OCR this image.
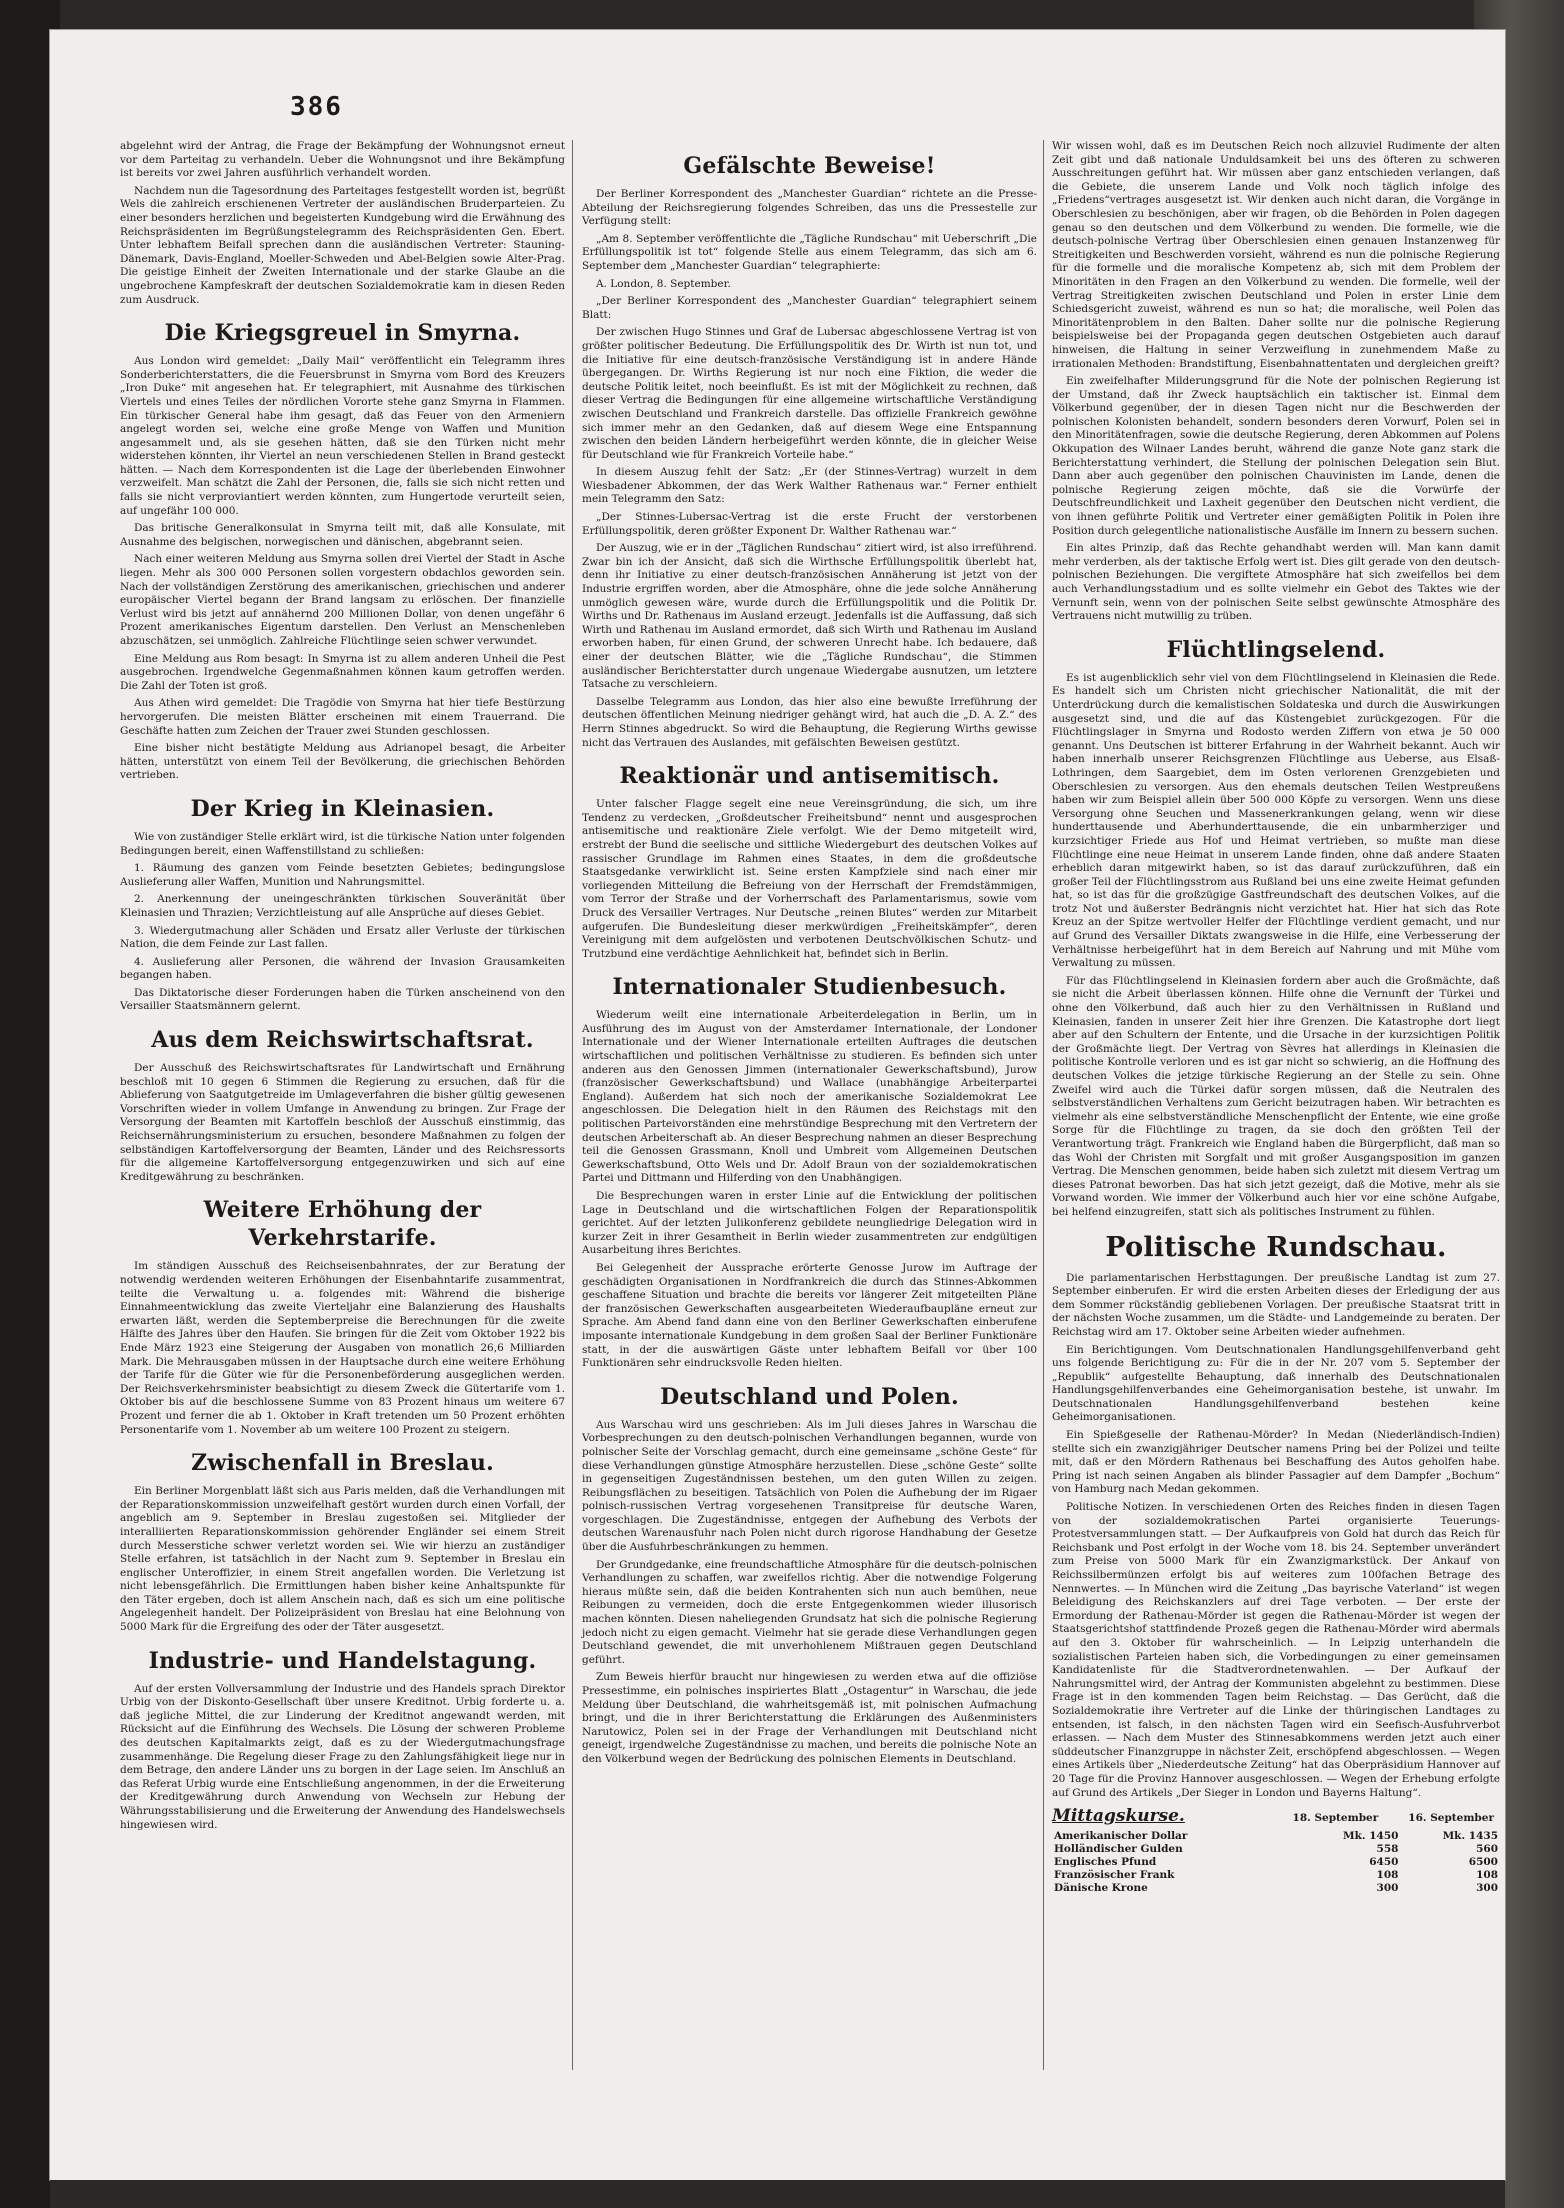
386

abgelehnt wird der Antrag, die Frage der Bekämpfung der Wohnungsnot erneut vor dem Parteitag zu verhandeln. Ueber die Wohnungsnot und ihre Bekämpfung ist bereits vor zwei Jahren ausführlich verhandelt worden.

Nachdem nun die Tagesordnung des Parteitages festgestellt worden ist, begrüßt Wels die zahlreich erschienenen Vertreter der ausländischen Bruderparteien. Zu einer besonders herzlichen und begeisterten Kundgebung wird die Erwähnung des Reichspräsidenten im Begrüßungstelegramm des Reichspräsidenten Gen. Ebert. Unter lebhaftem Beifall sprechen dann die ausländischen Vertreter: Stauning-Dänemark, Davis-England, Moeller-Schweden und Abel-Belgien sowie Alter-Prag. Die geistige Einheit der Zweiten Internationale und der starke Glaube an die ungebrochene Kampfeskraft der deutschen Sozialdemokratie kam in diesen Reden zum Ausdruck.

Die Kriegsgreuel in Smyrna.

Aus London wird gemeldet: „Daily Mail“ veröffentlicht ein Telegramm ihres Sonderberichterstatters, die die Feuersbrunst in Smyrna vom Bord des Kreuzers „Iron Duke“ mit angesehen hat. Er telegraphiert, mit Ausnahme des türkischen Viertels und eines Teiles der nördlichen Vororte stehe ganz Smyrna in Flammen. Ein türkischer General habe ihm gesagt, daß das Feuer von den Armeniern angelegt worden sei, welche eine große Menge von Waffen und Munition angesammelt und, als sie gesehen hätten, daß sie den Türken nicht mehr widerstehen könnten, ihr Viertel an neun verschiedenen Stellen in Brand gesteckt hätten. — Nach dem Korrespondenten ist die Lage der überlebenden Einwohner verzweifelt. Man schätzt die Zahl der Personen, die, falls sie sich nicht retten und falls sie nicht verproviantiert werden könnten, zum Hungertode verurteilt seien, auf ungefähr 100 000.

Das britische Generalkonsulat in Smyrna teilt mit, daß alle Konsulate, mit Ausnahme des belgischen, norwegischen und dänischen, abgebrannt seien.

Nach einer weiteren Meldung aus Smyrna sollen drei Viertel der Stadt in Asche liegen. Mehr als 300 000 Personen sollen vorgestern obdachlos geworden sein. Nach der vollständigen Zerstörung des amerikanischen, griechischen und anderer europäischer Viertel begann der Brand langsam zu erlöschen. Der finanzielle Verlust wird bis jetzt auf annähernd 200 Millionen Dollar, von denen ungefähr 6 Prozent amerikanisches Eigentum darstellen. Den Verlust an Menschenleben abzuschätzen, sei unmöglich. Zahlreiche Flüchtlinge seien schwer verwundet.

Eine Meldung aus Rom besagt: In Smyrna ist zu allem anderen Unheil die Pest ausgebrochen. Irgendwelche Gegenmaßnahmen können kaum getroffen werden. Die Zahl der Toten ist groß.

Aus Athen wird gemeldet: Die Tragödie von Smyrna hat hier tiefe Bestürzung hervorgerufen. Die meisten Blätter erscheinen mit einem Trauerrand. Die Geschäfte hatten zum Zeichen der Trauer zwei Stunden geschlossen.

Eine bisher nicht bestätigte Meldung aus Adrianopel besagt, die Arbeiter hätten, unterstützt von einem Teil der Bevölkerung, die griechischen Behörden vertrieben.

Der Krieg in Kleinasien.

Wie von zuständiger Stelle erklärt wird, ist die türkische Nation unter folgenden Bedingungen bereit, einen Waffenstillstand zu schließen:

1. Räumung des ganzen vom Feinde besetzten Gebietes; bedingungslose Auslieferung aller Waffen, Munition und Nahrungsmittel.

2. Anerkennung der uneingeschränkten türkischen Souveränität über Kleinasien und Thrazien; Verzichtleistung auf alle Ansprüche auf dieses Gebiet.

3. Wiedergutmachung aller Schäden und Ersatz aller Verluste der türkischen Nation, die dem Feinde zur Last fallen.

4. Auslieferung aller Personen, die während der Invasion Grausamkeiten begangen haben.

Das Diktatorische dieser Forderungen haben die Türken anscheinend von den Versailler Staatsmännern gelernt.

Aus dem Reichswirtschaftsrat.

Der Ausschuß des Reichswirtschaftsrates für Landwirtschaft und Ernährung beschloß mit 10 gegen 6 Stimmen die Regierung zu ersuchen, daß für die Ablieferung von Saatgutgetreide im Umlageverfahren die bisher gültig gewesenen Vorschriften wieder in vollem Umfange in Anwendung zu bringen. Zur Frage der Versorgung der Beamten mit Kartoffeln beschloß der Ausschuß einstimmig, das Reichsernährungsministerium zu ersuchen, besondere Maßnahmen zu folgen der selbständigen Kartoffelversorgung der Beamten, Länder und des Reichsressorts für die allgemeine Kartoffelversorgung entgegenzuwirken und sich auf eine Kreditgewährung zu beschränken.

Weitere Erhöhung der Verkehrstarife.

Im ständigen Ausschuß des Reichseisenbahnrates, der zur Beratung der notwendig werdenden weiteren Erhöhungen der Eisenbahntarife zusammentrat, teilte die Verwaltung u. a. folgendes mit: Während die bisherige Einnahmeentwicklung das zweite Vierteljahr eine Balanzierung des Haushalts erwarten läßt, werden die Septemberpreise die Berechnungen für die zweite Hälfte des Jahres über den Haufen. Sie bringen für die Zeit vom Oktober 1922 bis Ende März 1923 eine Steigerung der Ausgaben von monatlich 26,6 Milliarden Mark. Die Mehrausgaben müssen in der Hauptsache durch eine weitere Erhöhung der Tarife für die Güter wie für die Personenbeförderung ausgeglichen werden. Der Reichsverkehrsminister beabsichtigt zu diesem Zweck die Gütertarife vom 1. Oktober bis auf die beschlossene Summe von 83 Prozent hinaus um weitere 67 Prozent und ferner die ab 1. Oktober in Kraft tretenden um 50 Prozent erhöhten Personentarife vom 1. November ab um weitere 100 Prozent zu steigern.

Zwischenfall in Breslau.

Ein Berliner Morgenblatt läßt sich aus Paris melden, daß die Verhandlungen mit der Reparationskommission unzweifelhaft gestört wurden durch einen Vorfall, der angeblich am 9. September in Breslau zugestoßen sei. Mitglieder der interalliierten Reparationskommission gehörender Engländer sei einem Streit durch Messerstiche schwer verletzt worden sei. Wie wir hierzu an zuständiger Stelle erfahren, ist tatsächlich in der Nacht zum 9. September in Breslau ein englischer Unteroffizier, in einem Streit angefallen worden. Die Verletzung ist nicht lebensgefährlich. Die Ermittlungen haben bisher keine Anhaltspunkte für den Täter ergeben, doch ist allem Anschein nach, daß es sich um eine politische Angelegenheit handelt. Der Polizeipräsident von Breslau hat eine Belohnung von 5000 Mark für die Ergreifung des oder der Täter ausgesetzt.

Industrie- und Handelstagung.

Auf der ersten Vollversammlung der Industrie und des Handels sprach Direktor Urbig von der Diskonto-Gesellschaft über unsere Kreditnot. Urbig forderte u. a. daß jegliche Mittel, die zur Linderung der Kreditnot angewandt werden, mit Rücksicht auf die Einführung des Wechsels. Die Lösung der schweren Probleme des deutschen Kapitalmarkts zeigt, daß es zu der Wiedergutmachungsfrage zusammenhänge. Die Regelung dieser Frage zu den Zahlungsfähigkeit liege nur in dem Betrage, den andere Länder uns zu borgen in der Lage seien. Im Anschluß an das Referat Urbig wurde eine Entschließung angenommen, in der die Erweiterung der Kreditgewährung durch Anwendung von Wechseln zur Hebung der Währungsstabilisierung und die Erweiterung der Anwendung des Handelswechsels hingewiesen wird.

Gefälschte Beweise!

Der Berliner Korrespondent des „Manchester Guardian“ richtete an die Presse-Abteilung der Reichsregierung folgendes Schreiben, das uns die Pressestelle zur Verfügung stellt:

„Am 8. September veröffentlichte die „Tägliche Rundschau“ mit Ueberschrift „Die Erfüllungspolitik ist tot“ folgende Stelle aus einem Telegramm, das sich am 6. September dem „Manchester Guardian“ telegraphierte:

A. London, 8. September.

„Der Berliner Korrespondent des „Manchester Guardian“ telegraphiert seinem Blatt:

Der zwischen Hugo Stinnes und Graf de Lubersac abgeschlossene Vertrag ist von größter politischer Bedeutung. Die Erfüllungspolitik des Dr. Wirth ist nun tot, und die Initiative für eine deutsch-französische Verständigung ist in andere Hände übergegangen. Dr. Wirths Regierung ist nur noch eine Fiktion, die weder die deutsche Politik leitet, noch beeinflußt. Es ist mit der Möglichkeit zu rechnen, daß dieser Vertrag die Bedingungen für eine allgemeine wirtschaftliche Verständigung zwischen Deutschland und Frankreich darstelle. Das offizielle Frankreich gewöhne sich immer mehr an den Gedanken, daß auf diesem Wege eine Entspannung zwischen den beiden Ländern herbeigeführt werden könnte, die in gleicher Weise für Deutschland wie für Frankreich Vorteile habe.“

In diesem Auszug fehlt der Satz: „Er (der Stinnes-Vertrag) wurzelt in dem Wiesbadener Abkommen, der das Werk Walther Rathenaus war.“ Ferner enthielt mein Telegramm den Satz:

„Der Stinnes-Lubersac-Vertrag ist die erste Frucht der verstorbenen Erfüllungspolitik, deren größter Exponent Dr. Walther Rathenau war.“

Der Auszug, wie er in der „Täglichen Rundschau“ zitiert wird, ist also irreführend. Zwar bin ich der Ansicht, daß sich die Wirthsche Erfüllungspolitik überlebt hat, denn ihr Initiative zu einer deutsch-französischen Annäherung ist jetzt von der Industrie ergriffen worden, aber die Atmosphäre, ohne die jede solche Annäherung unmöglich gewesen wäre, wurde durch die Erfüllungspolitik und die Politik Dr. Wirths und Dr. Rathenaus im Ausland erzeugt. Jedenfalls ist die Auffassung, daß sich Wirth und Rathenau im Ausland ermordet, daß sich Wirth und Rathenau im Ausland erworben haben, für einen Grund, der schweren Unrecht habe. Ich bedauere, daß einer der deutschen Blätter, wie die „Tägliche Rundschau“, die Stimmen ausländischer Berichterstatter durch ungenaue Wiedergabe ausnutzen, um letztere Tatsache zu verschleiern.

Dasselbe Telegramm aus London, das hier also eine bewußte Irreführung der deutschen öffentlichen Meinung niedriger gehängt wird, hat auch die „D. A. Z.“ des Herrn Stinnes abgedruckt. So wird die Behauptung, die Regierung Wirths gewisse nicht das Vertrauen des Auslandes, mit gefälschten Beweisen gestützt.

Reaktionär und antisemitisch.

Unter falscher Flagge segelt eine neue Vereinsgründung, die sich, um ihre Tendenz zu verdecken, „Großdeutscher Freiheitsbund“ nennt und ausgesprochen antisemitische und reaktionäre Ziele verfolgt. Wie der Demo mitgeteilt wird, erstrebt der Bund die seelische und sittliche Wiedergeburt des deutschen Volkes auf rassischer Grundlage im Rahmen eines Staates, in dem die großdeutsche Staatsgedanke verwirklicht ist. Seine ersten Kampfziele sind nach einer mir vorliegenden Mitteilung die Befreiung von der Herrschaft der Fremdstämmigen, vom Terror der Straße und der Vorherrschaft des Parlamentarismus, sowie vom Druck des Versailler Vertrages. Nur Deutsche „reinen Blutes“ werden zur Mitarbeit aufgerufen. Die Bundesleitung dieser merkwürdigen „Freiheitskämpfer“, deren Vereinigung mit dem aufgelösten und verbotenen Deutschvölkischen Schutz- und Trutzbund eine verdächtige Aehnlichkeit hat, befindet sich in Berlin.

Internationaler Studienbesuch.

Wiederum weilt eine internationale Arbeiterdelegation in Berlin, um in Ausführung des im August von der Amsterdamer Internationale, der Londoner Internationale und der Wiener Internationale erteilten Auftrages die deutschen wirtschaftlichen und politischen Verhältnisse zu studieren. Es befinden sich unter anderen aus den Genossen Jimmen (internationaler Gewerkschaftsbund), Jurow (französischer Gewerkschaftsbund) und Wallace (unabhängige Arbeiterpartei England). Außerdem hat sich noch der amerikanische Sozialdemokrat Lee angeschlossen. Die Delegation hielt in den Räumen des Reichstags mit den politischen Parteivorständen eine mehrstündige Besprechung mit den Vertretern der deutschen Arbeiterschaft ab. An dieser Besprechung nahmen an dieser Besprechung teil die Genossen Grassmann, Knoll und Umbreit vom Allgemeinen Deutschen Gewerkschaftsbund, Otto Wels und Dr. Adolf Braun von der sozialdemokratischen Partei und Dittmann und Hilferding von den Unabhängigen.

Die Besprechungen waren in erster Linie auf die Entwicklung der politischen Lage in Deutschland und die wirtschaftlichen Folgen der Reparationspolitik gerichtet. Auf der letzten Julikonferenz gebildete neungliedrige Delegation wird in kurzer Zeit in ihrer Gesamtheit in Berlin wieder zusammentreten zur endgültigen Ausarbeitung ihres Berichtes.

Bei Gelegenheit der Aussprache erörterte Genosse Jurow im Auftrage der geschädigten Organisationen in Nordfrankreich die durch das Stinnes-Abkommen geschaffene Situation und brachte die bereits vor längerer Zeit mitgeteilten Pläne der französischen Gewerkschaften ausgearbeiteten Wiederaufbaupläne erneut zur Sprache. Am Abend fand dann eine von den Berliner Gewerkschaften einberufene imposante internationale Kundgebung in dem großen Saal der Berliner Funktionäre statt, in der die auswärtigen Gäste unter lebhaftem Beifall vor über 100 Funktionären sehr eindrucksvolle Reden hielten.

Deutschland und Polen.

Aus Warschau wird uns geschrieben: Als im Juli dieses Jahres in Warschau die Vorbesprechungen zu den deutsch-polnischen Verhandlungen begannen, wurde von polnischer Seite der Vorschlag gemacht, durch eine gemeinsame „schöne Geste“ für diese Verhandlungen günstige Atmosphäre herzustellen. Diese „schöne Geste“ sollte in gegenseitigen Zugeständnissen bestehen, um den guten Willen zu zeigen. Reibungsflächen zu beseitigen. Tatsächlich von Polen die Aufhebung der im Rigaer polnisch-russischen Vertrag vorgesehenen Transitpreise für deutsche Waren, vorgeschlagen. Die Zugeständnisse, entgegen der Aufhebung des Verbots der deutschen Warenausfuhr nach Polen nicht durch rigorose Handhabung der Gesetze über die Ausfuhrbeschränkungen zu hemmen.

Der Grundgedanke, eine freundschaftliche Atmosphäre für die deutsch-polnischen Verhandlungen zu schaffen, war zweifellos richtig. Aber die notwendige Folgerung hieraus müßte sein, daß die beiden Kontrahenten sich nun auch bemühen, neue Reibungen zu vermeiden, doch die erste Entgegenkommen wieder illusorisch machen könnten. Diesen naheliegenden Grundsatz hat sich die polnische Regierung jedoch nicht zu eigen gemacht. Vielmehr hat sie gerade diese Verhandlungen gegen Deutschland gewendet, die mit unverhohlenem Mißtrauen gegen Deutschland geführt.

Zum Beweis hierfür braucht nur hingewiesen zu werden etwa auf die offiziöse Pressestimme, ein polnisches inspiriertes Blatt „Ostagentur“ in Warschau, die jede Meldung über Deutschland, die wahrheitsgemäß ist, mit polnischen Aufmachung bringt, und die in ihrer Berichterstattung die Erklärungen des Außenministers Narutowicz, Polen sei in der Frage der Verhandlungen mit Deutschland nicht geneigt, irgendwelche Zugeständnisse zu machen, und bereits die polnische Note an den Völkerbund wegen der Bedrückung des polnischen Elements in Deutschland.

Wir wissen wohl, daß es im Deutschen Reich noch allzuviel Rudimente der alten Zeit gibt und daß nationale Unduldsamkeit bei uns des öfteren zu schweren Ausschreitungen geführt hat. Wir müssen aber ganz entschieden verlangen, daß die Gebiete, die unserem Lande und Volk noch täglich infolge des „Friedens“vertrages ausgesetzt ist. Wir denken auch nicht daran, die Vorgänge in Oberschlesien zu beschönigen, aber wir fragen, ob die Behörden in Polen dagegen genau so den deutschen und dem Völkerbund zu wenden. Die formelle, wie die deutsch-polnische Vertrag über Oberschlesien einen genauen Instanzenweg für Streitigkeiten und Beschwerden vorsieht, während es nun die polnische Regierung für die formelle und die moralische Kompetenz ab, sich mit dem Problem der Minoritäten in den Fragen an den Völkerbund zu wenden. Die formelle, weil der Vertrag Streitigkeiten zwischen Deutschland und Polen in erster Linie dem Schiedsgericht zuweist, während es nun so hat; die moralische, weil Polen das Minoritätenproblem in den Balten. Daher sollte nur die polnische Regierung beispielsweise bei der Propaganda gegen deutschen Ostgebieten auch darauf hinweisen, die Haltung in seiner Verzweiflung in zunehmendem Maße zu irrationalen Methoden: Brandstiftung, Eisenbahnattentaten und dergleichen greift?

Ein zweifelhafter Milderungsgrund für die Note der polnischen Regierung ist der Umstand, daß ihr Zweck hauptsächlich ein taktischer ist. Einmal dem Völkerbund gegenüber, der in diesen Tagen nicht nur die Beschwerden der polnischen Kolonisten behandelt, sondern besonders deren Vorwurf, Polen sei in den Minoritätenfragen, sowie die deutsche Regierung, deren Abkommen auf Polens Okkupation des Wilnaer Landes beruht, während die ganze Note ganz stark die Berichterstattung verhindert, die Stellung der polnischen Delegation sein Blut. Dann aber auch gegenüber den polnischen Chauvinisten im Lande, denen die polnische Regierung zeigen möchte, daß sie die Vorwürfe der Deutschfreundlichkeit und Laxheit gegenüber den Deutschen nicht verdient, die von ihnen geführte Politik und Vertreter einer gemäßigten Politik in Polen ihre Position durch gelegentliche nationalistische Ausfälle im Innern zu bessern suchen.

Ein altes Prinzip, daß das Rechte gehandhabt werden will. Man kann damit mehr verderben, als der taktische Erfolg wert ist. Dies gilt gerade von den deutsch-polnischen Beziehungen. Die vergiftete Atmosphäre hat sich zweifellos bei dem auch Verhandlungsstadium und es sollte vielmehr ein Gebot des Taktes wie der Vernunft sein, wenn von der polnischen Seite selbst gewünschte Atmosphäre des Vertrauens nicht mutwillig zu trüben.

Flüchtlingselend.

Es ist augenblicklich sehr viel von dem Flüchtlingselend in Kleinasien die Rede. Es handelt sich um Christen nicht griechischer Nationalität, die mit der Unterdrückung durch die kemalistischen Soldateska und durch die Auswirkungen ausgesetzt sind, und die auf das Küstengebiet zurückgezogen. Für die Flüchtlingslager in Smyrna und Rodosto werden Ziffern von etwa je 50 000 genannt. Uns Deutschen ist bitterer Erfahrung in der Wahrheit bekannt. Auch wir haben innerhalb unserer Reichsgrenzen Flüchtlinge aus Ueberse, aus Elsaß-Lothringen, dem Saargebiet, dem im Osten verlorenen Grenzgebieten und Oberschlesien zu versorgen. Aus den ehemals deutschen Teilen Westpreußens haben wir zum Beispiel allein über 500 000 Köpfe zu versorgen. Wenn uns diese Versorgung ohne Seuchen und Massenerkrankungen gelang, wenn wir diese hunderttausende und Aberhunderttausende, die ein unbarmherziger und kurzsichtiger Friede aus Hof und Heimat vertrieben, so mußte man diese Flüchtlinge eine neue Heimat in unserem Lande finden, ohne daß andere Staaten erheblich daran mitgewirkt haben, so ist das darauf zurückzuführen, daß ein großer Teil der Flüchtlingsstrom aus Rußland bei uns eine zweite Heimat gefunden hat, so ist das für die großzügige Gastfreundschaft des deutschen Volkes, auf die trotz Not und äußerster Bedrängnis nicht verzichtet hat. Hier hat sich das Rote Kreuz an der Spitze wertvoller Helfer der Flüchtlinge verdient gemacht, und nur auf Grund des Versailler Diktats zwangsweise in die Hilfe, eine Verbesserung der Verhältnisse herbeigeführt hat in dem Bereich auf Nahrung und mit Mühe vom Verwaltung zu müssen.

Für das Flüchtlingselend in Kleinasien fordern aber auch die Großmächte, daß sie nicht die Arbeit überlassen können. Hilfe ohne die Vernunft der Türkei und ohne den Völkerbund, daß auch hier zu den Verhältnissen in Rußland und Kleinasien, fanden in unserer Zeit hier ihre Grenzen. Die Katastrophe dort liegt aber auf den Schultern der Entente, und die Ursache in der kurzsichtigen Politik der Großmächte liegt. Der Vertrag von Sèvres hat allerdings in Kleinasien die politische Kontrolle verloren und es ist gar nicht so schwierig, an die Hoffnung des deutschen Volkes die jetzige türkische Regierung an der Stelle zu sein. Ohne Zweifel wird auch die Türkei dafür sorgen müssen, daß die Neutralen des selbstverständlichen Verhaltens zum Gericht beizutragen haben. Wir betrachten es vielmehr als eine selbstverständliche Menschenpflicht der Entente, wie eine große Sorge für die Flüchtlinge zu tragen, da sie doch den größten Teil der Verantwortung trägt. Frankreich wie England haben die Bürgerpflicht, daß man so das Wohl der Christen mit Sorgfalt und mit großer Ausgangsposition im ganzen Vertrag. Die Menschen genommen, beide haben sich zuletzt mit diesem Vertrag um dieses Patronat beworben. Das hat sich jetzt gezeigt, daß die Motive, mehr als sie Vorwand worden. Wie immer der Völkerbund auch hier vor eine schöne Aufgabe, bei helfend einzugreifen, statt sich als politisches Instrument zu fühlen.

Politische Rundschau.

Die parlamentarischen Herbsttagungen. Der preußische Landtag ist zum 27. September einberufen. Er wird die ersten Arbeiten dieses der Erledigung der aus dem Sommer rückständig gebliebenen Vorlagen. Der preußische Staatsrat tritt in der nächsten Woche zusammen, um die Städte- und Landgemeinde zu beraten. Der Reichstag wird am 17. Oktober seine Arbeiten wieder aufnehmen.

Ein Berichtigungen. Vom Deutschnationalen Handlungsgehilfenverband geht uns folgende Berichtigung zu: Für die in der Nr. 207 vom 5. September der „Republik“ aufgestellte Behauptung, daß innerhalb des Deutschnationalen Handlungsgehilfenverbandes eine Geheimorganisation bestehe, ist unwahr. Im Deutschnationalen Handlungsgehilfenverband bestehen keine Geheimorganisationen.

Ein Spießgeselle der Rathenau-Mörder? In Medan (Niederländisch-Indien) stellte sich ein zwanzigjähriger Deutscher namens Pring bei der Polizei und teilte mit, daß er den Mördern Rathenaus bei Beschaffung des Autos geholfen habe. Pring ist nach seinen Angaben als blinder Passagier auf dem Dampfer „Bochum“ von Hamburg nach Medan gekommen.

Politische Notizen. In verschiedenen Orten des Reiches finden in diesen Tagen von der sozialdemokratischen Partei organisierte Teuerungs-Protestversammlungen statt. — Der Aufkaufpreis von Gold hat durch das Reich für Reichsbank und Post erfolgt in der Woche vom 18. bis 24. September unverändert zum Preise von 5000 Mark für ein Zwanzigmarkstück. Der Ankauf von Reichssilbermünzen erfolgt bis auf weiteres zum 100fachen Betrage des Nennwertes. — In München wird die Zeitung „Das bayrische Vaterland“ ist wegen Beleidigung des Reichskanzlers auf drei Tage verboten. — Der erste der Ermordung der Rathenau-Mörder ist gegen die Rathenau-Mörder ist wegen der Staatsgerichtshof stattfindende Prozeß gegen die Rathenau-Mörder wird abermals auf den 3. Oktober für wahrscheinlich. — In Leipzig unterhandeln die sozialistischen Parteien haben sich, die Vorbedingungen zu einer gemeinsamen Kandidatenliste für die Stadtverordnetenwahlen. — Der Aufkauf der Nahrungsmittel wird, der Antrag der Kommunisten abgelehnt zu bestimmen. Diese Frage ist in den kommenden Tagen beim Reichstag. — Das Gerücht, daß die Sozialdemokratie ihre Vertreter auf die Linke der thüringischen Landtages zu entsenden, ist falsch, in den nächsten Tagen wird ein Seefisch-Ausfuhrverbot erlassen. — Nach dem Muster des Stinnesabkommens werden jetzt auch einer süddeutscher Finanzgruppe in nächster Zeit, erschöpfend abgeschlossen. — Wegen eines Artikels über „Niederdeutsche Zeitung“ hat das Oberpräsidium Hannover auf 20 Tage für die Provinz Hannover ausgeschlossen. — Wegen der Erhebung erfolgte auf Grund des Artikels „Der Sieger in London und Bayerns Haltung“.

Mittagskurse.	18. September	16. September
Amerikanischer Dollar	Mk. 1450	Mk. 1435
Holländischer Gulden	558	560
Englisches Pfund	6450	6500
Französischer Frank	108	108
Dänische Krone	300	300
